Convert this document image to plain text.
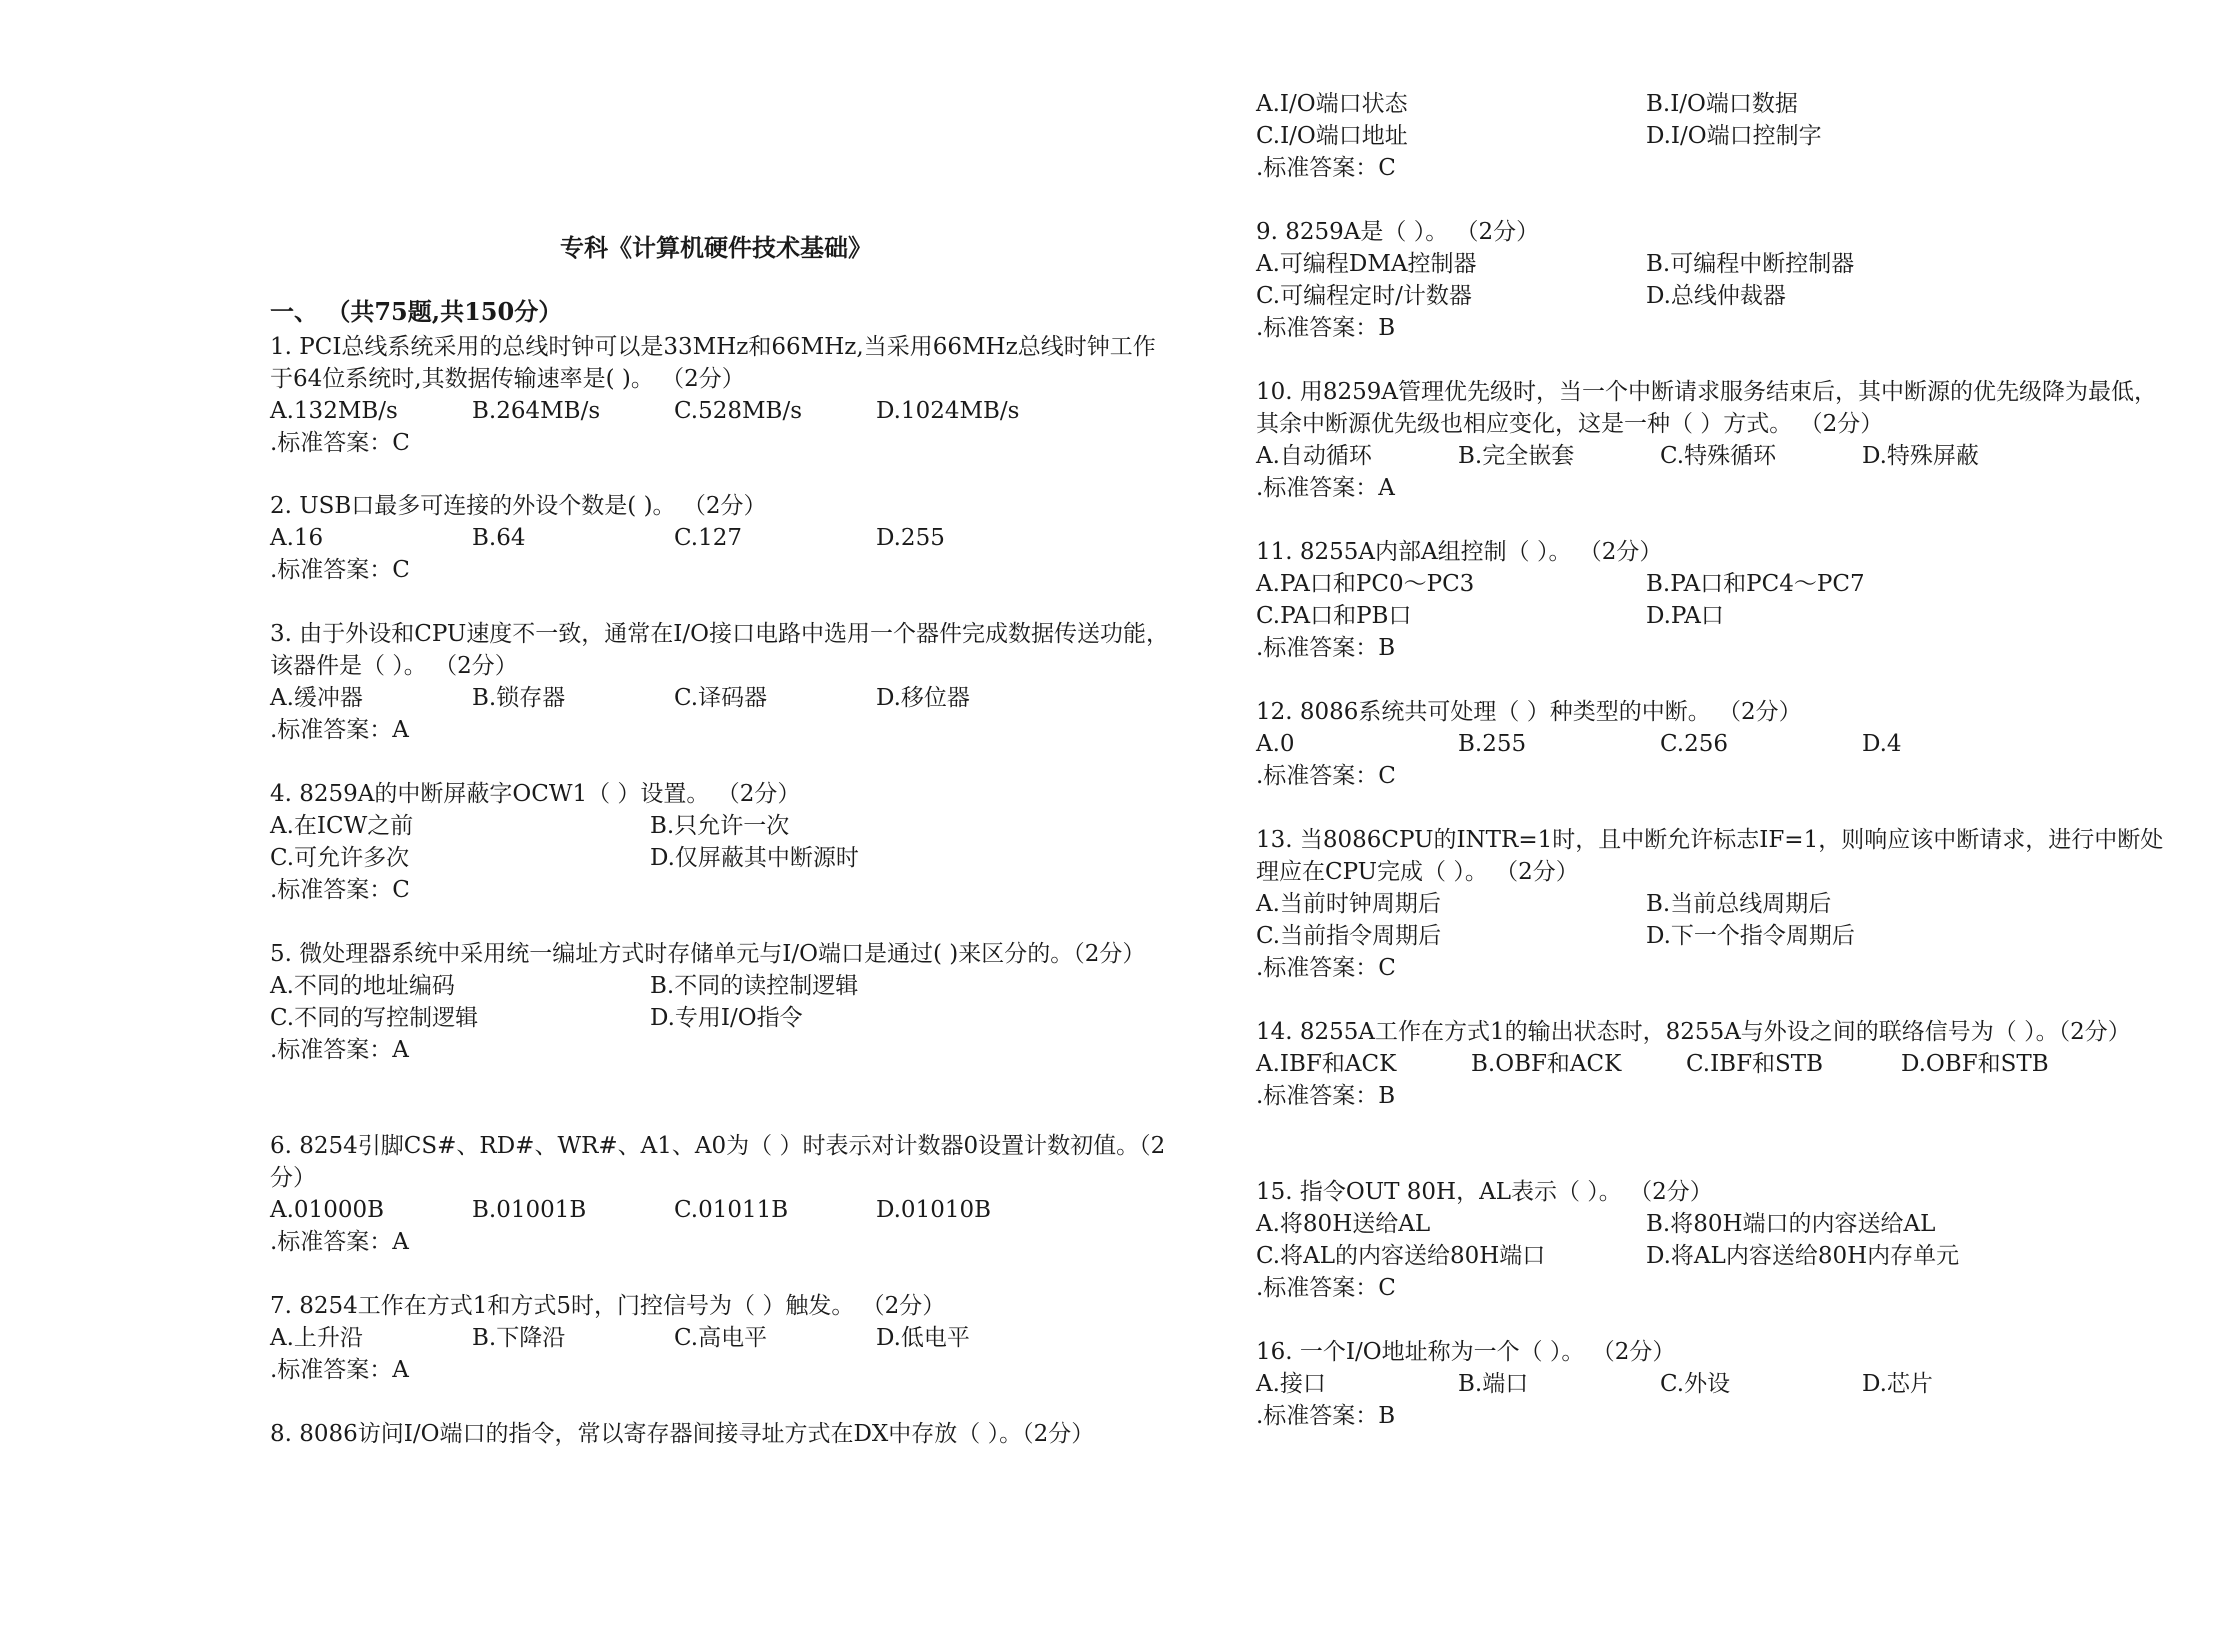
专科《计算机硬件技术基础》
一、 （共75题,共150分）

1. PCI总线系统采用的总线时钟可以是33MHz和66MHz,当采用66MHz总线时钟工作于64位系统时,其数据传输速率是( )。 （2分）

A.132MB/s	B.264MB/s	C.528MB/s	D.1024MB/s
.标准答案：C

2. USB口最多可连接的外设个数是( )。 （2分）

A.16	B.64	C.127	D.255
.标准答案：C

3. 由于外设和CPU速度不一致，通常在I/O接口电路中选用一个器件完成数据传送功能，该器件是（ ）。 （2分）

A.缓冲器	B.锁存器	C.译码器	D.移位器
.标准答案：A

4. 8259A的中断屏蔽字OCW1（ ）设置。 （2分）

A.在ICW之前	B.只允许一次
C.可允许多次	D.仅屏蔽其中断源时
.标准答案：C

5. 微处理器系统中采用统一编址方式时存储单元与I/O端口是通过( )来区分的。（2分）

A.不同的地址编码	B.不同的读控制逻辑
C.不同的写控制逻辑	D.专用I/O指令
.标准答案：A

6. 8254引脚CS#、RD#、WR#、A1、A0为（ ）时表示对计数器0设置计数初值。（2分）

A.01000B	B.01001B	C.01011B	D.01010B
.标准答案：A

7. 8254工作在方式1和方式5时，门控信号为（ ）触发。 （2分）

A.上升沿	B.下降沿	C.高电平	D.低电平
.标准答案：A

8. 8086访问I/O端口的指令，常以寄存器间接寻址方式在DX中存放（ ）。（2分）

A.I/O端口状态	B.I/O端口数据
C.I/O端口地址	D.I/O端口控制字
.标准答案：C

9. 8259A是（ ）。 （2分）

A.可编程DMA控制器	B.可编程中断控制器
C.可编程定时/计数器	D.总线仲裁器
.标准答案：B

10. 用8259A管理优先级时，当一个中断请求服务结束后，其中断源的优先级降为最低，其余中断源优先级也相应变化，这是一种（ ）方式。 （2分）

A.自动循环	B.完全嵌套	C.特殊循环	D.特殊屏蔽
.标准答案：A

11. 8255A内部A组控制（ ）。 （2分）

A.PA口和PC0～PC3	B.PA口和PC4～PC7
C.PA口和PB口	D.PA口
.标准答案：B

12. 8086系统共可处理（ ）种类型的中断。 （2分）

A.0	B.255	C.256	D.4
.标准答案：C

13. 当8086CPU的INTR=1时，且中断允许标志IF=1，则响应该中断请求，进行中断处理应在CPU完成（ ）。 （2分）

A.当前时钟周期后	B.当前总线周期后
C.当前指令周期后	D.下一个指令周期后
.标准答案：C

14. 8255A工作在方式1的输出状态时，8255A与外设之间的联络信号为（ ）。（2分）

A.IBF和ACK	B.OBF和ACK	C.IBF和STB	D.OBF和STB
.标准答案：B

15. 指令OUT 80H，AL表示（ ）。 （2分）

A.将80H送给AL	B.将80H端口的内容送给AL
C.将AL的内容送给80H端口	D.将AL内容送给80H内存单元
.标准答案：C

16. 一个I/O地址称为一个（ ）。 （2分）

A.接口	B.端口	C.外设	D.芯片
.标准答案：B
